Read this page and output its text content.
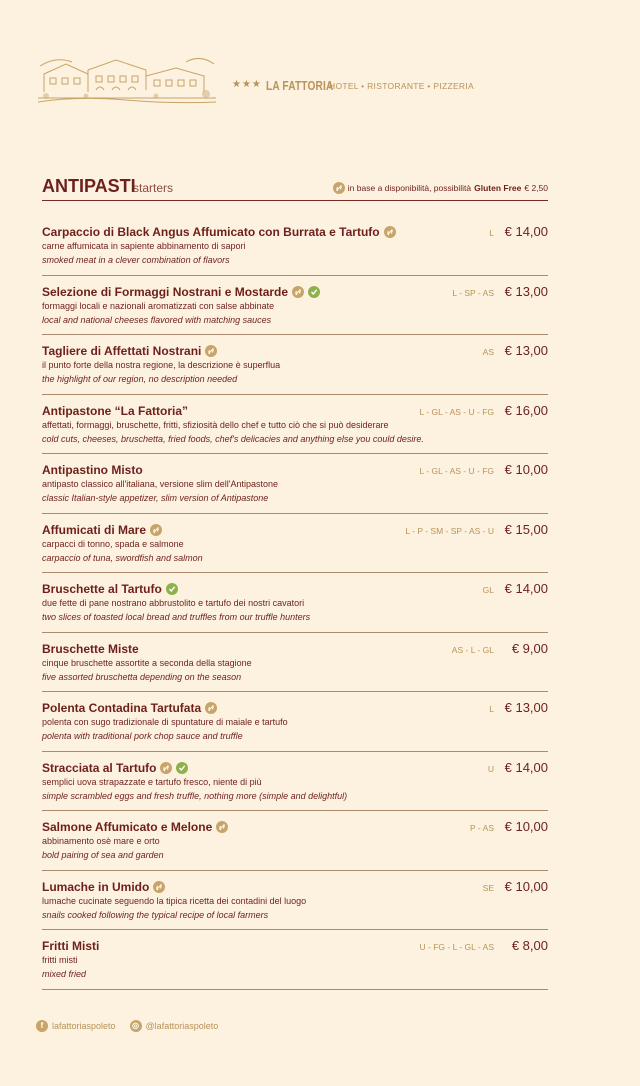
★★★ LA FATTORIA
HOTEL • RISTORANTE • PIZZERIA
ANTIPASTI
starters	in base a disponibilità, possibilità Gluten Free € 2,50
Carpaccio di Black Angus Affumicato con Burrata e Tartufo
carne affumicata in sapiente abbinamento di sapori
smoked meat in a clever combination of flavors
L € 14,00
Selezione di Formaggi Nostrani e Mostarde
formaggi locali e nazionali aromatizzati con salse abbinate
local and national cheeses flavored with matching sauces
L - SP - AS € 13,00
Tagliere di Affettati Nostrani
il punto forte della nostra regione, la descrizione è superflua
the highlight of our region, no description needed
AS € 13,00
Antipastone “La Fattoria”
affettati, formaggi, bruschette, fritti, sfiziosità dello chef e tutto ciò che si può desiderare
cold cuts, cheeses, bruschetta, fried foods, chef's delicacies and anything else you could desire.
L - GL - AS - U - FG € 16,00
Antipastino Misto
antipasto classico all'italiana, versione slim dell'Antipastone
classic Italian-style appetizer, slim version of Antipastone
L - GL - AS - U - FG € 10,00
Affumicati di Mare
carpacci di tonno, spada e salmone
carpaccio of tuna, swordfish and salmon
L - P - SM - SP - AS - U € 15,00
Bruschette al Tartufo
due fette di pane nostrano abbrustolito e tartufo dei nostri cavatori
two slices of toasted local bread and truffles from our truffle hunters
GL € 14,00
Bruschette Miste
cinque bruschette assortite a seconda della stagione
five assorted bruschetta depending on the season
AS - L - GL € 9,00
Polenta Contadina Tartufata
polenta con sugo tradizionale di spuntature di maiale e tartufo
polenta with traditional pork chop sauce and truffle
L € 13,00
Stracciata al Tartufo
semplici uova strapazzate e tartufo fresco, niente di più
simple scrambled eggs and fresh truffle, nothing more (simple and delightful)
U € 14,00
Salmone Affumicato e Melone
abbinamento osè mare e orto
bold pairing of sea and garden
P - AS € 10,00
Lumache in Umido
lumache cucinate seguendo la tipica ricetta dei contadini del luogo
snails cooked following the typical recipe of local farmers
SE € 10,00
Fritti Misti
fritti misti
mixed fried
U - FG - L - GL - AS € 8,00
f lafattoriaspoleto	◎ @lafattoriaspoleto
